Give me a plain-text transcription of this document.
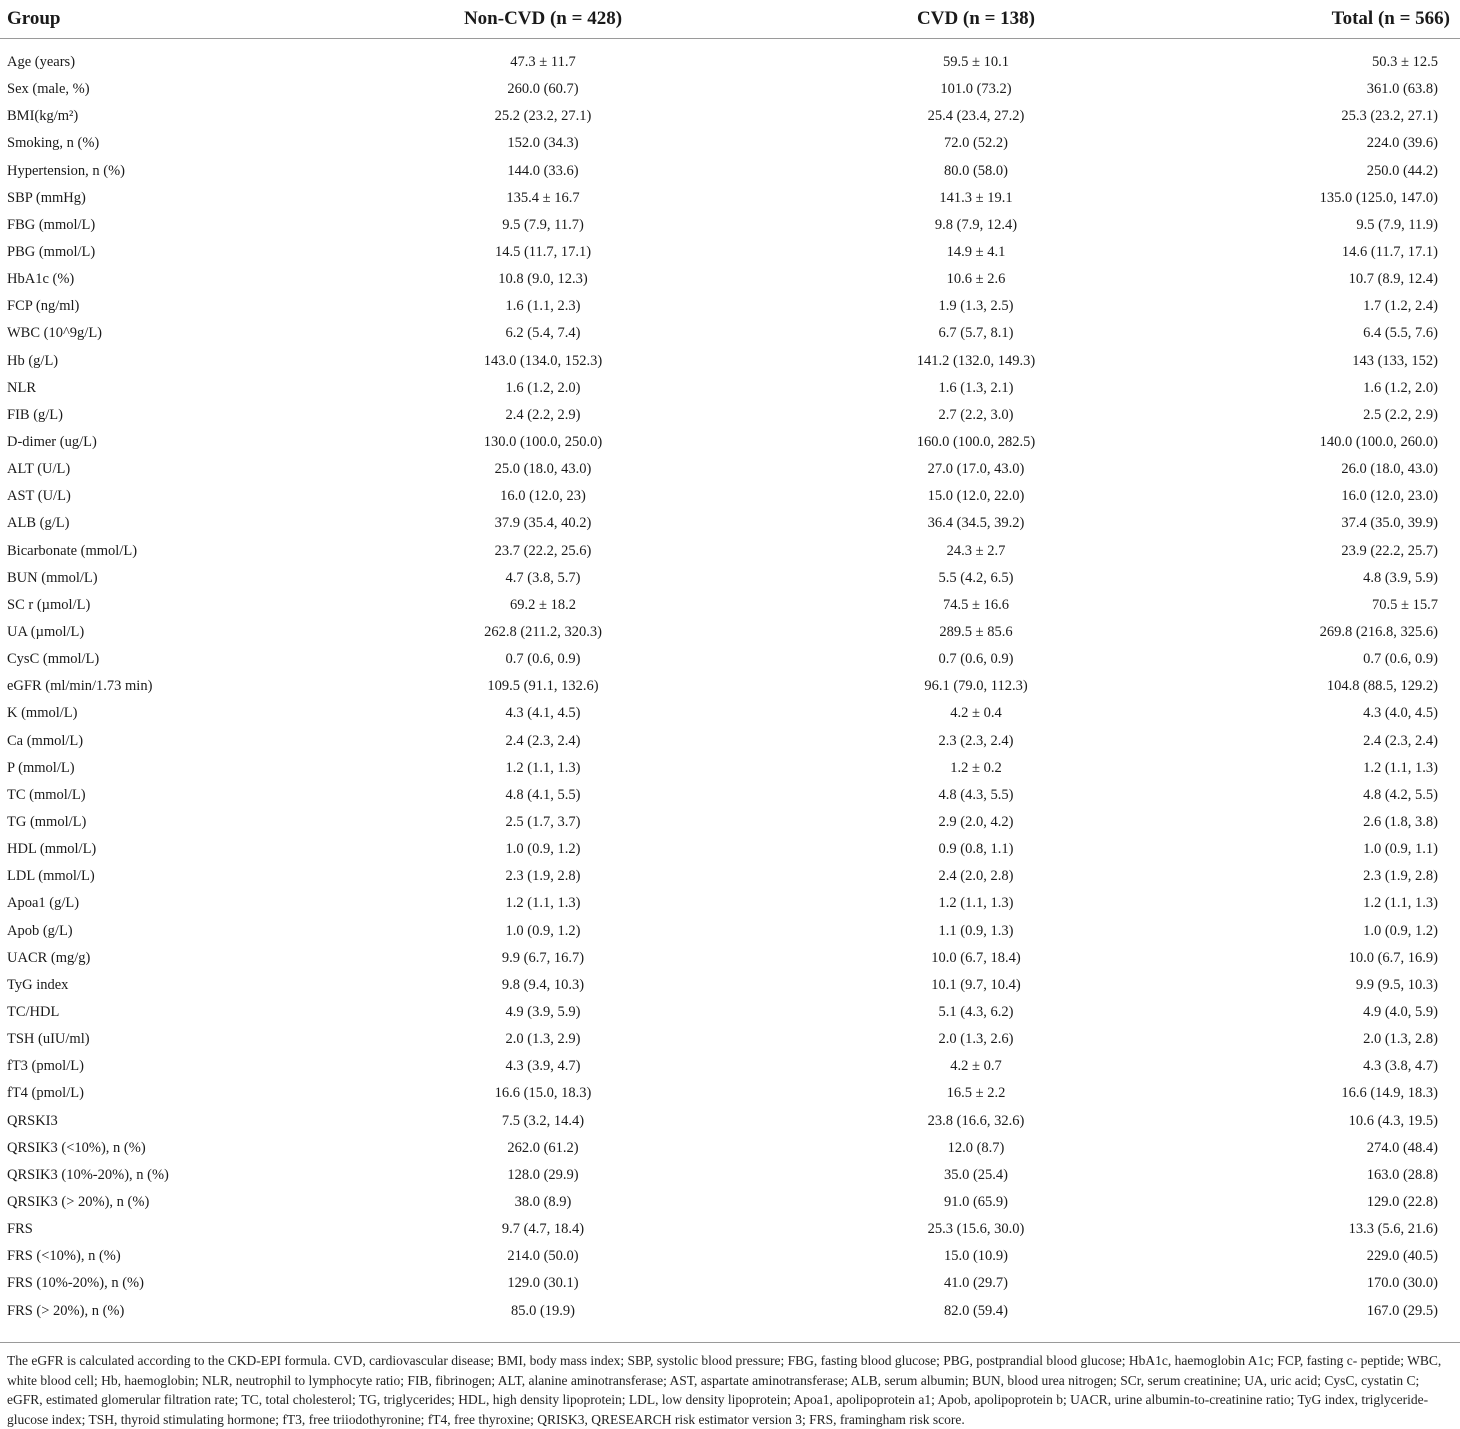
Group	Non-CVD (n = 428)	CVD (n = 138)	Total (n = 566)

Age (years)	47.3 ± 11.7	59.5 ± 10.1	50.3 ± 12.5
Sex (male, %)	260.0 (60.7)	101.0 (73.2)	361.0 (63.8)
BMI(kg/m²)	25.2 (23.2, 27.1)	25.4 (23.4, 27.2)	25.3 (23.2, 27.1)
Smoking, n (%)	152.0 (34.3)	72.0 (52.2)	224.0 (39.6)
Hypertension, n (%)	144.0 (33.6)	80.0 (58.0)	250.0 (44.2)
SBP (mmHg)	135.4 ± 16.7	141.3 ± 19.1	135.0 (125.0, 147.0)
FBG (mmol/L)	9.5 (7.9, 11.7)	9.8 (7.9, 12.4)	9.5 (7.9, 11.9)
PBG (mmol/L)	14.5 (11.7, 17.1)	14.9 ± 4.1	14.6 (11.7, 17.1)
HbA1c (%)	10.8 (9.0, 12.3)	10.6 ± 2.6	10.7 (8.9, 12.4)
FCP (ng/ml)	1.6 (1.1, 2.3)	1.9 (1.3, 2.5)	1.7 (1.2, 2.4)
WBC (10^9g/L)	6.2 (5.4, 7.4)	6.7 (5.7, 8.1)	6.4 (5.5, 7.6)
Hb (g/L)	143.0 (134.0, 152.3)	141.2 (132.0, 149.3)	143 (133, 152)
NLR	1.6 (1.2, 2.0)	1.6 (1.3, 2.1)	1.6 (1.2, 2.0)
FIB (g/L)	2.4 (2.2, 2.9)	2.7 (2.2, 3.0)	2.5 (2.2, 2.9)
D-dimer (ug/L)	130.0 (100.0, 250.0)	160.0 (100.0, 282.5)	140.0 (100.0, 260.0)
ALT (U/L)	25.0 (18.0, 43.0)	27.0 (17.0, 43.0)	26.0 (18.0, 43.0)
AST (U/L)	16.0 (12.0, 23)	15.0 (12.0, 22.0)	16.0 (12.0, 23.0)
ALB (g/L)	37.9 (35.4, 40.2)	36.4 (34.5, 39.2)	37.4 (35.0, 39.9)
Bicarbonate (mmol/L)	23.7 (22.2, 25.6)	24.3 ± 2.7	23.9 (22.2, 25.7)
BUN (mmol/L)	4.7 (3.8, 5.7)	5.5 (4.2, 6.5)	4.8 (3.9, 5.9)
SC r (µmol/L)	69.2 ± 18.2	74.5 ± 16.6	70.5 ± 15.7
UA (µmol/L)	262.8 (211.2, 320.3)	289.5 ± 85.6	269.8 (216.8, 325.6)
CysC (mmol/L)	0.7 (0.6, 0.9)	0.7 (0.6, 0.9)	0.7 (0.6, 0.9)
eGFR (ml/min/1.73 min)	109.5 (91.1, 132.6)	96.1 (79.0, 112.3)	104.8 (88.5, 129.2)
K (mmol/L)	4.3 (4.1, 4.5)	4.2 ± 0.4	4.3 (4.0, 4.5)
Ca (mmol/L)	2.4 (2.3, 2.4)	2.3 (2.3, 2.4)	2.4 (2.3, 2.4)
P (mmol/L)	1.2 (1.1, 1.3)	1.2 ± 0.2	1.2 (1.1, 1.3)
TC (mmol/L)	4.8 (4.1, 5.5)	4.8 (4.3, 5.5)	4.8 (4.2, 5.5)
TG (mmol/L)	2.5 (1.7, 3.7)	2.9 (2.0, 4.2)	2.6 (1.8, 3.8)
HDL (mmol/L)	1.0 (0.9, 1.2)	0.9 (0.8, 1.1)	1.0 (0.9, 1.1)
LDL (mmol/L)	2.3 (1.9, 2.8)	2.4 (2.0, 2.8)	2.3 (1.9, 2.8)
Apoa1 (g/L)	1.2 (1.1, 1.3)	1.2 (1.1, 1.3)	1.2 (1.1, 1.3)
Apob (g/L)	1.0 (0.9, 1.2)	1.1 (0.9, 1.3)	1.0 (0.9, 1.2)
UACR (mg/g)	9.9 (6.7, 16.7)	10.0 (6.7, 18.4)	10.0 (6.7, 16.9)
TyG index	9.8 (9.4, 10.3)	10.1 (9.7, 10.4)	9.9 (9.5, 10.3)
TC/HDL	4.9 (3.9, 5.9)	5.1 (4.3, 6.2)	4.9 (4.0, 5.9)
TSH (uIU/ml)	2.0 (1.3, 2.9)	2.0 (1.3, 2.6)	2.0 (1.3, 2.8)
fT3 (pmol/L)	4.3 (3.9, 4.7)	4.2 ± 0.7	4.3 (3.8, 4.7)
fT4 (pmol/L)	16.6 (15.0, 18.3)	16.5 ± 2.2	16.6 (14.9, 18.3)
QRSKI3	7.5 (3.2, 14.4)	23.8 (16.6, 32.6)	10.6 (4.3, 19.5)
QRSIK3 (<10%), n (%)	262.0 (61.2)	12.0 (8.7)	274.0 (48.4)
QRSIK3 (10%-20%), n (%)	128.0 (29.9)	35.0 (25.4)	163.0 (28.8)
QRSIK3 (> 20%), n (%)	38.0 (8.9)	91.0 (65.9)	129.0 (22.8)
FRS	9.7 (4.7, 18.4)	25.3 (15.6, 30.0)	13.3 (5.6, 21.6)
FRS (<10%), n (%)	214.0 (50.0)	15.0 (10.9)	229.0 (40.5)
FRS (10%-20%), n (%)	129.0 (30.1)	41.0 (29.7)	170.0 (30.0)
FRS (> 20%), n (%)	85.0 (19.9)	82.0 (59.4)	167.0 (29.5)
The eGFR is calculated according to the CKD-EPI formula. CVD, cardiovascular disease; BMI, body mass index; SBP, systolic blood pressure; FBG, fasting blood glucose; PBG, postprandial blood glucose; HbA1c, haemoglobin A1c; FCP, fasting c- peptide; WBC, white blood cell; Hb, haemoglobin; NLR, neutrophil to lymphocyte ratio; FIB, fibrinogen; ALT, alanine aminotransferase; AST, aspartate aminotransferase; ALB, serum albumin; BUN, blood urea nitrogen; SCr, serum creatinine; UA, uric acid; CysC, cystatin C; eGFR, estimated glomerular filtration rate; TC, total cholesterol; TG, triglycerides; HDL, high density lipoprotein; LDL, low density lipoprotein; Apoa1, apolipoprotein a1; Apob, apolipoprotein b; UACR, urine albumin-to-creatinine ratio; TyG index, triglyceride-glucose index; TSH, thyroid stimulating hormone; fT3, free triiodothyronine; fT4, free thyroxine; QRISK3, QRESEARCH risk estimator version 3; FRS, framingham risk score.
